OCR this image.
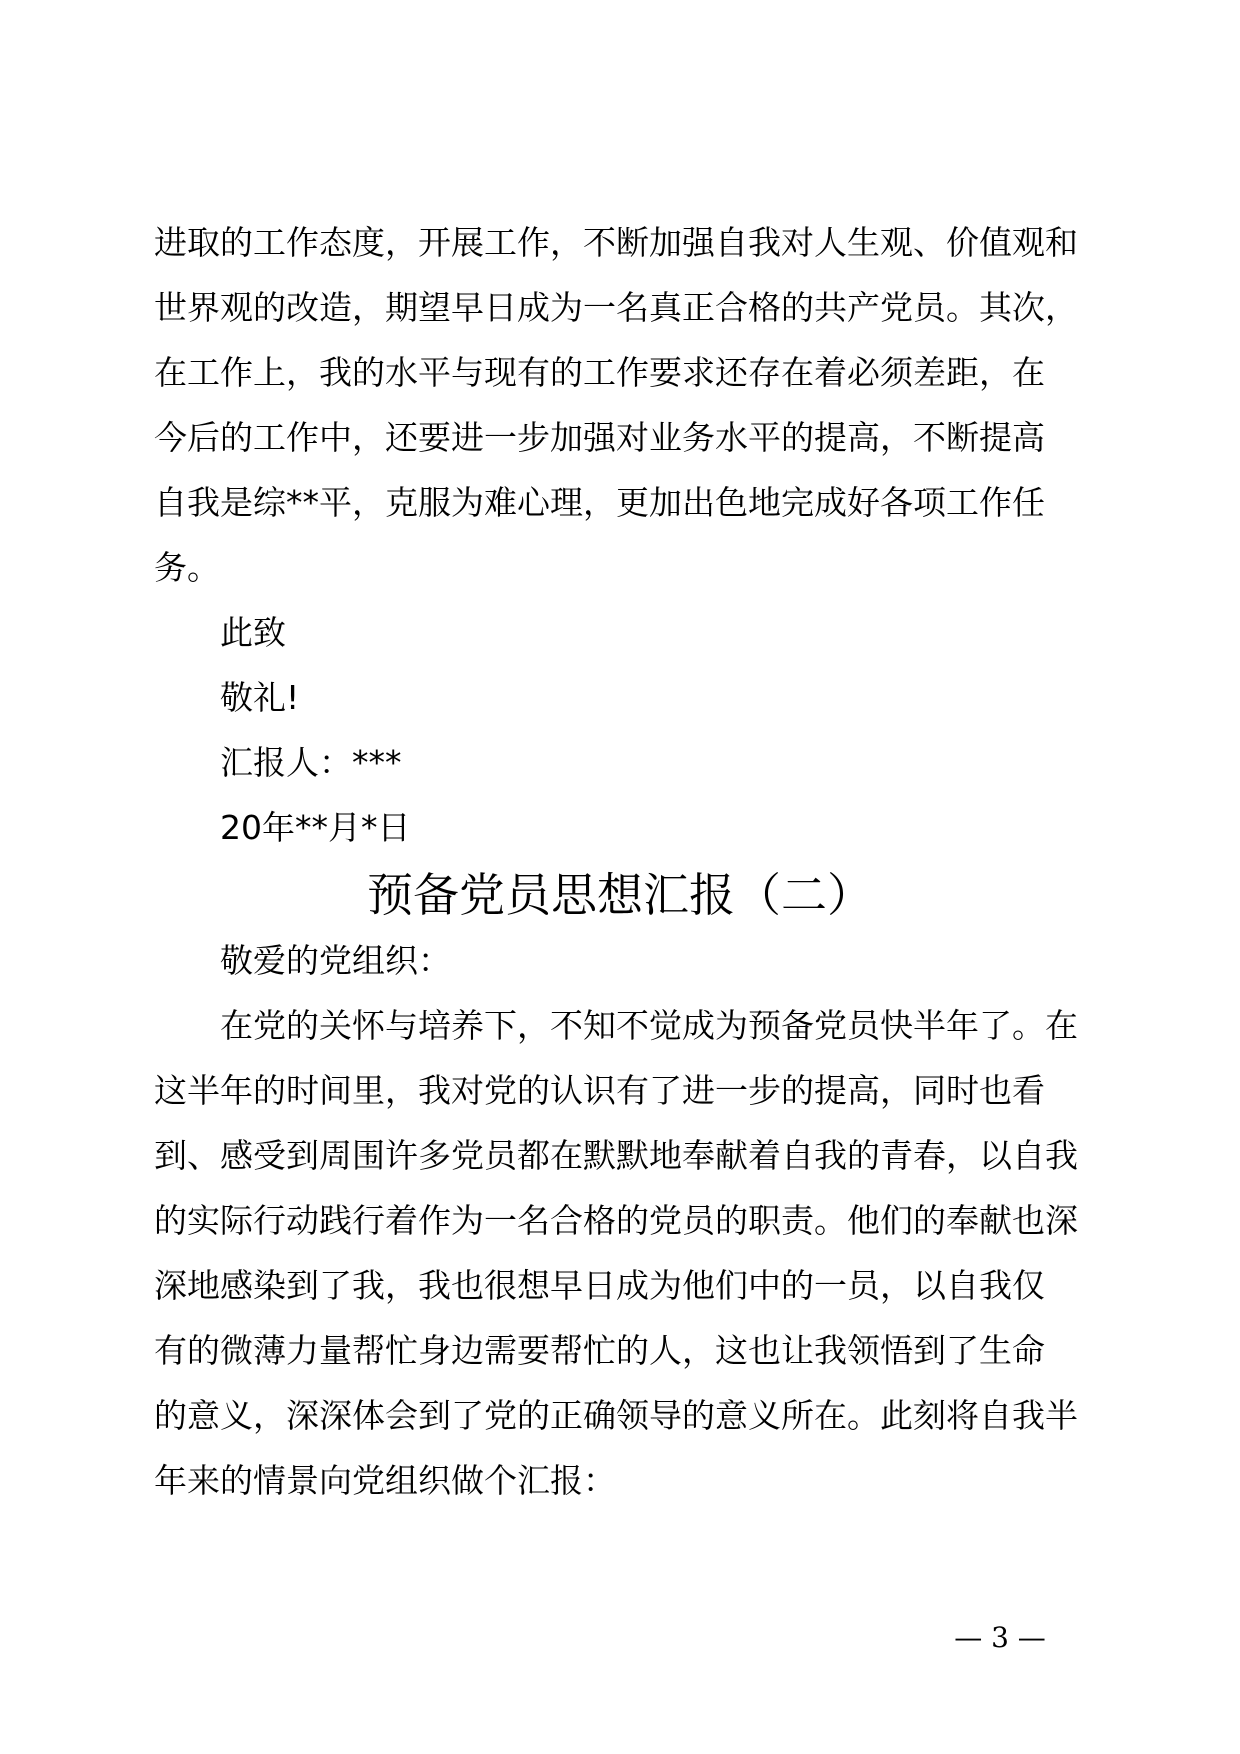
进取的工作态度，开展工作，不断加强自我对人生观、价值观和
世界观的改造，期望早日成为一名真正合格的共产党员。其次，
在工作上，我的水平与现有的工作要求还存在着必须差距，在
今后的工作中，还要进一步加强对业务水平的提高，不断提高
自我是综**平，克服为难心理，更加出色地完成好各项工作任
务。
此致
敬礼!
汇报人：***
20年**月*日
预备党员思想汇报（二）
敬爱的党组织：
在党的关怀与培养下，不知不觉成为预备党员快半年了。在
这半年的时间里，我对党的认识有了进一步的提高，同时也看
到、感受到周围许多党员都在默默地奉献着自我的青春，以自我
的实际行动践行着作为一名合格的党员的职责。他们的奉献也深
深地感染到了我，我也很想早日成为他们中的一员，以自我仅
有的微薄力量帮忙身边需要帮忙的人，这也让我领悟到了生命
的意义，深深体会到了党的正确领导的意义所在。此刻将自我半
年来的情景向党组织做个汇报：
— 3 —
